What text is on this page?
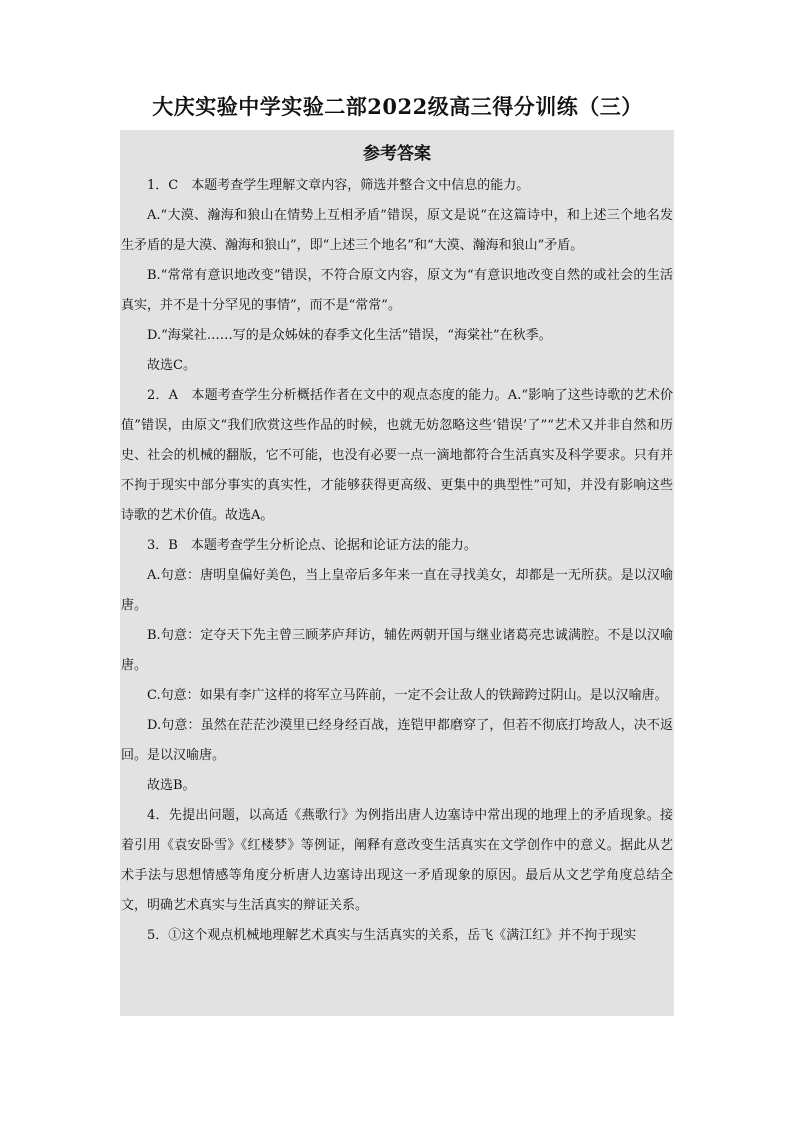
大庆实验中学实验二部2022级高三得分训练（三）
参考答案

1．C　本题考查学生理解文章内容，筛选并整合文中信息的能力。

A.“大漠、瀚海和狼山在情势上互相矛盾”错误，原文是说“在这篇诗中，和上述三个地名发生矛盾的是大漠、瀚海和狼山”，即“上述三个地名”和“大漠、瀚海和狼山”矛盾。

B.“常常有意识地改变”错误，不符合原文内容，原文为“有意识地改变自然的或社会的生活真实，并不是十分罕见的事情”，而不是“常常”。

D.“海棠社……写的是众姊妹的春季文化生活”错误，“海棠社”在秋季。

故选C。

2．A　本题考查学生分析概括作者在文中的观点态度的能力。A.“影响了这些诗歌的艺术价值”错误，由原文“我们欣赏这些作品的时候，也就无妨忽略这些‘错误’了”“艺术又并非自然和历史、社会的机械的翻版，它不可能，也没有必要一点一滴地都符合生活真实及科学要求。只有并不拘于现实中部分事实的真实性，才能够获得更高级、更集中的典型性”可知，并没有影响这些诗歌的艺术价值。故选A。

3．B　本题考查学生分析论点、论据和论证方法的能力。

A.句意：唐明皇偏好美色，当上皇帝后多年来一直在寻找美女，却都是一无所获。是以汉喻唐。

B.句意：定夺天下先主曾三顾茅庐拜访，辅佐两朝开国与继业诸葛亮忠诚满腔。不是以汉喻唐。

C.句意：如果有李广这样的将军立马阵前，一定不会让敌人的铁蹄跨过阴山。是以汉喻唐。

D.句意：虽然在茫茫沙漠里已经身经百战，连铠甲都磨穿了，但若不彻底打垮敌人，决不返回。是以汉喻唐。

故选B。

4．先提出问题，以高适《燕歌行》为例指出唐人边塞诗中常出现的地理上的矛盾现象。接着引用《袁安卧雪》《红楼梦》等例证，阐释有意改变生活真实在文学创作中的意义。据此从艺术手法与思想情感等角度分析唐人边塞诗出现这一矛盾现象的原因。最后从文艺学角度总结全文，明确艺术真实与生活真实的辩证关系。

5．①这个观点机械地理解艺术真实与生活真实的关系，岳飞《满江红》并不拘于现实
